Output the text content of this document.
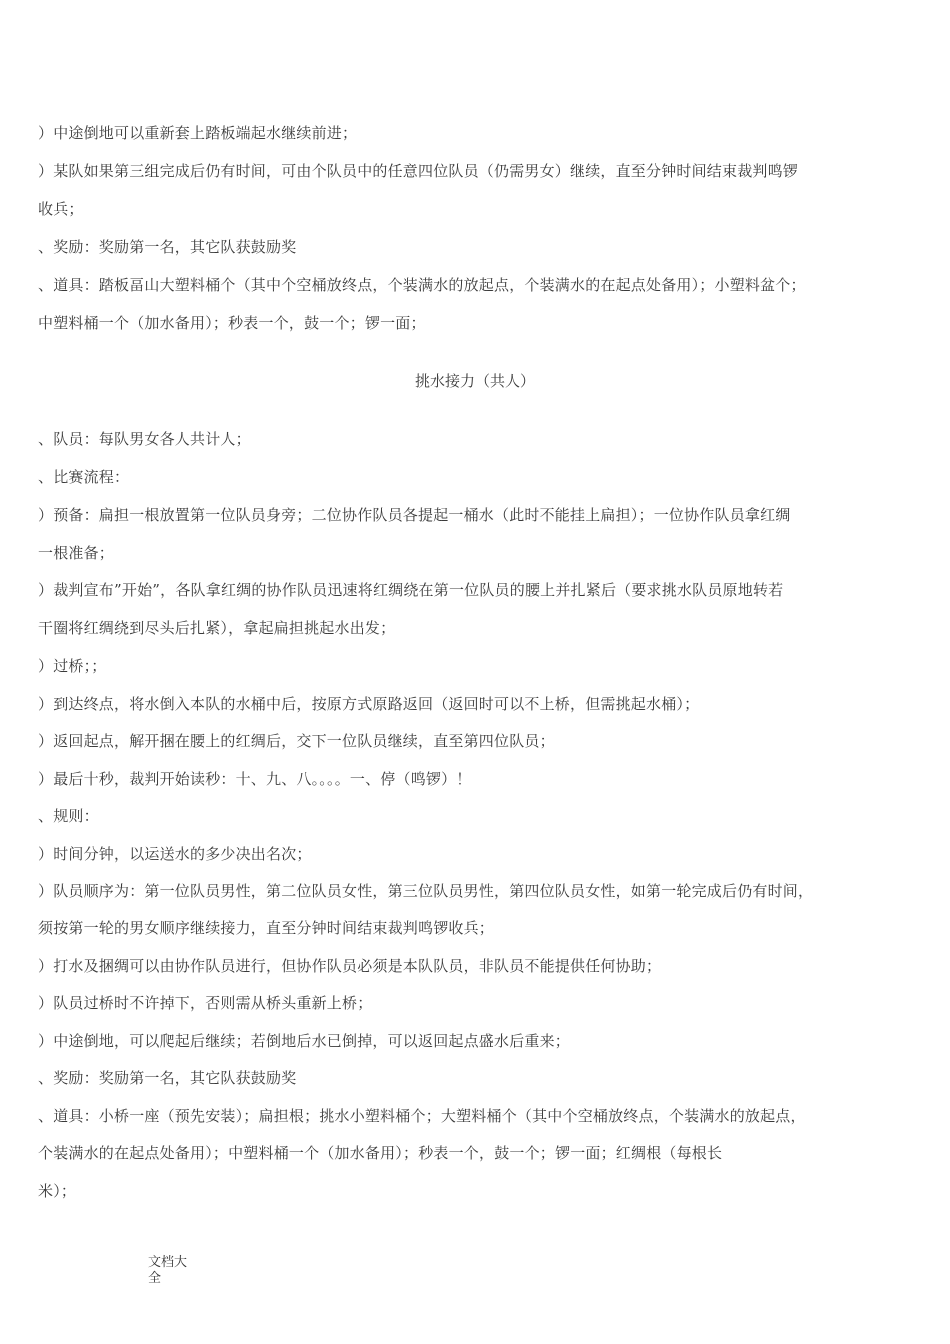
）中途倒地可以重新套上踏板端起水继续前进；
）某队如果第三组完成后仍有时间，可由个队员中的任意四位队员（仍需男女）继续，直至分钟时间结束裁判鸣锣
收兵；
、奖励：奖励第一名，其它队获鼓励奖
、道具：踏板畐山大塑料桶个（其中个空桶放终点，个装满水的放起点，个装满水的在起点处备用）；小塑料盆个；
中塑料桶一个（加水备用）；秒表一个，鼓一个；锣一面；
挑水接力（共人）
、队员：每队男女各人共计人；
、比赛流程：
）预备：扁担一根放置第一位队员身旁；二位协作队员各提起一桶水（此时不能挂上扁担）；一位协作队员拿红绸
一根准备；
）裁判宣布”开始”，各队拿红绸的协作队员迅速将红绸绕在第一位队员的腰上并扎紧后（要求挑水队员原地转若
干圈将红绸绕到尽头后扎紧），拿起扁担挑起水出发；
）过桥；；
）到达终点，将水倒入本队的水桶中后，按原方式原路返回（返回时可以不上桥，但需挑起水桶）；
）返回起点，解开捆在腰上的红绸后，交下一位队员继续，直至第四位队员；
）最后十秒，裁判开始读秒：十、九、八。。。。一、停（鸣锣）！
、规则：
）时间分钟，以运送水的多少决出名次；
）队员顺序为：第一位队员男性，第二位队员女性，第三位队员男性，第四位队员女性，如第一轮完成后仍有时间，
须按第一轮的男女顺序继续接力，直至分钟时间结束裁判鸣锣收兵；
）打水及捆绸可以由协作队员进行，但协作队员必须是本队队员，非队员不能提供任何协助；
）队员过桥时不许掉下，否则需从桥头重新上桥；
）中途倒地，可以爬起后继续；若倒地后水已倒掉，可以返回起点盛水后重来；
、奖励：奖励第一名，其它队获鼓励奖
、道具：小桥一座（预先安装）；扁担根；挑水小塑料桶个；大塑料桶个（其中个空桶放终点，个装满水的放起点，
个装满水的在起点处备用）；中塑料桶一个（加水备用）；秒表一个，鼓一个；锣一面；红绸根（每根长
米）；
文档大全
